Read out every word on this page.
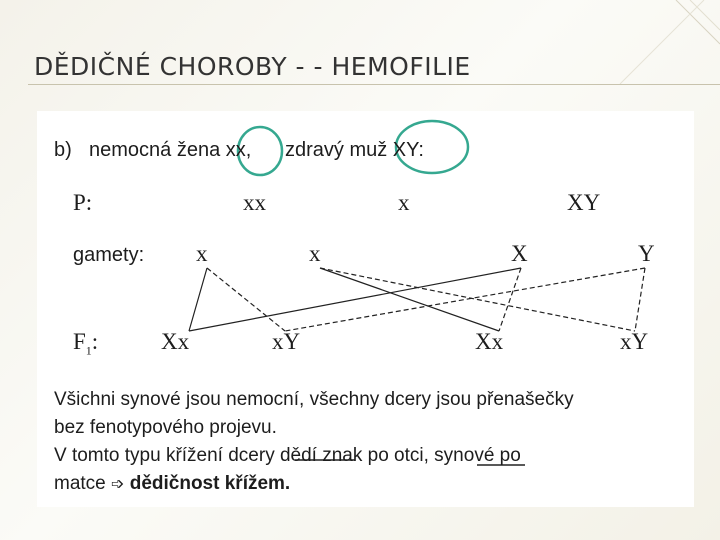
DĚDIČNÉ CHOROBY - - HEMOFILIE
b) nemocná žena xx, zdravý muž XY:
P:	xx	x	XY
gamety: x	x	X	Y
$F_1$:	Xx	xY	Xx	xY
Všichni synové jsou nemocní, všechny dcery jsou přenašečky
bez fenotypového projevu.
V tomto typu křížení dcery dědí znak po otci, synové po
matce ➩ dědičnost křížem.
